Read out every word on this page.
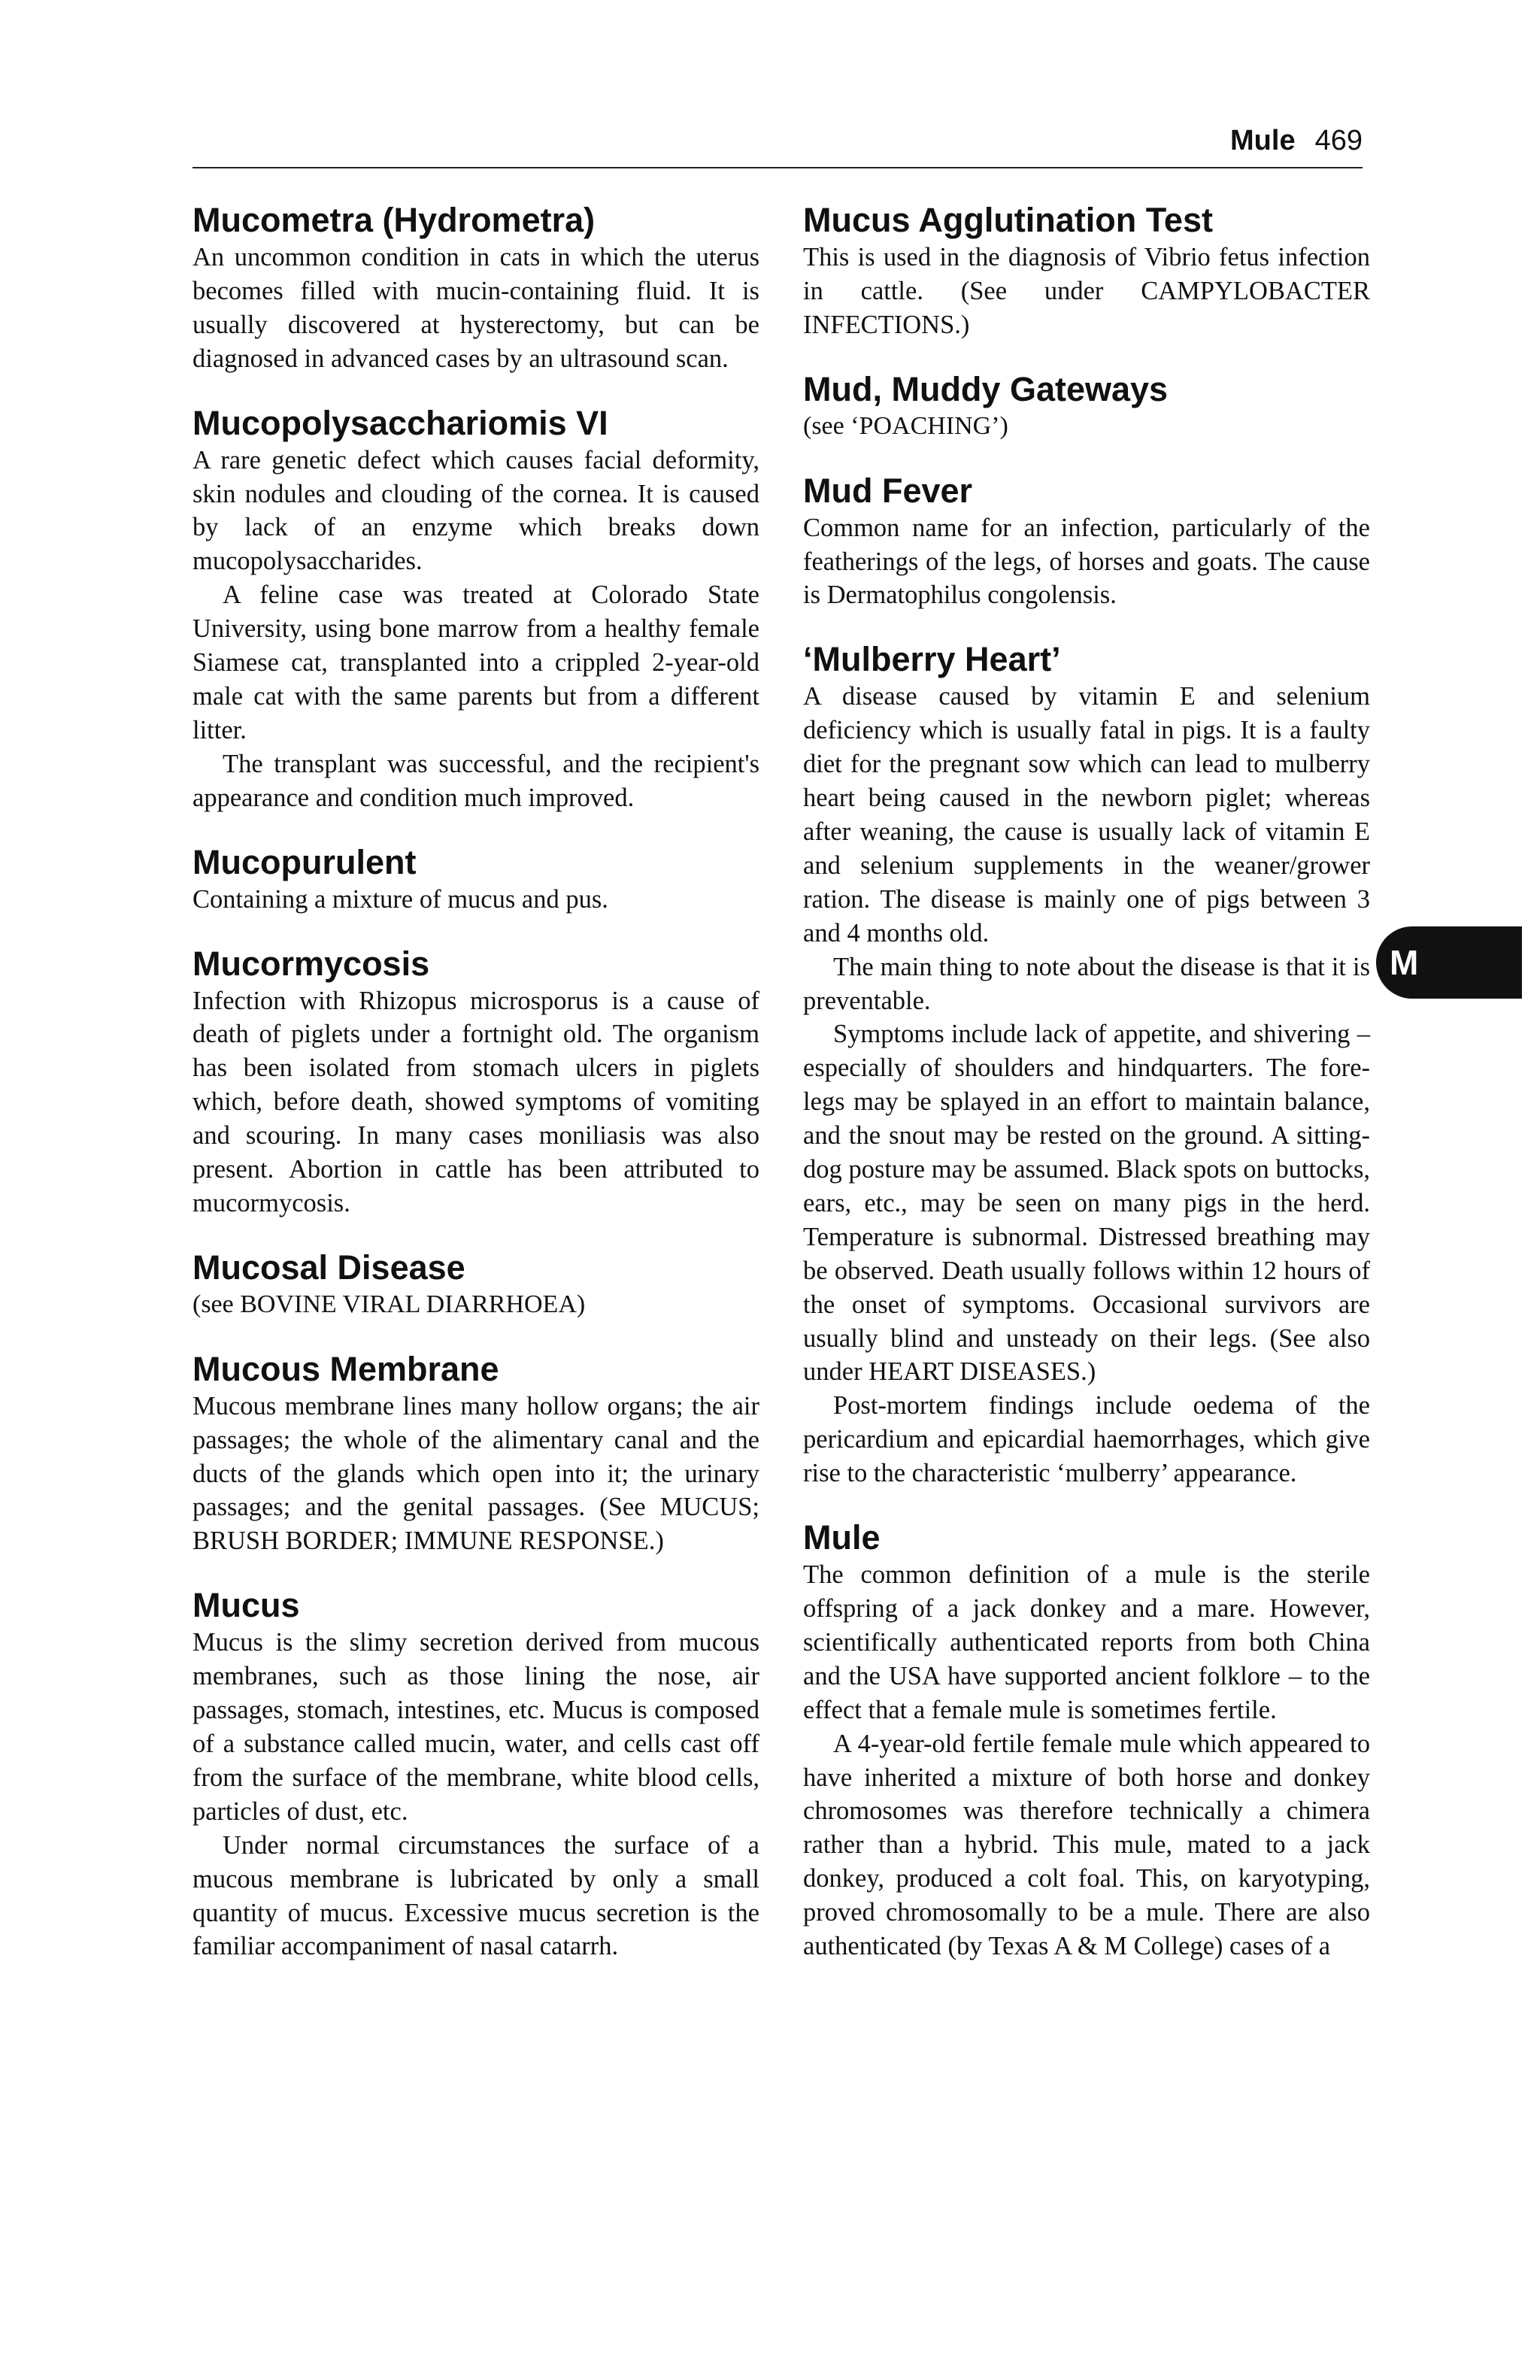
Mule 469
M
Mucometra (Hydrometra)

An uncommon condition in cats in which the uterus becomes filled with mucin-containing fluid. It is usually discovered at hysterectomy, but can be diagnosed in advanced cases by an ultrasound scan.

Mucopolysacchariomis VI

A rare genetic defect which causes facial deformity, skin nodules and clouding of the cornea. It is caused by lack of an enzyme which breaks down mucopolysaccharides.

A feline case was treated at Colorado State University, using bone marrow from a healthy female Siamese cat, transplanted into a crippled 2-year-old male cat with the same parents but from a different litter.

The transplant was successful, and the recipient's appearance and condition much improved.

Mucopurulent

Containing a mixture of mucus and pus.

Mucormycosis

Infection with Rhizopus microsporus is a cause of death of piglets under a fortnight old. The organism has been isolated from stomach ulcers in piglets which, before death, showed symptoms of vomiting and scouring. In many cases moniliasis was also present. Abortion in cattle has been attributed to mucormycosis.

Mucosal Disease

(see BOVINE VIRAL DIARRHOEA)

Mucous Membrane

Mucous membrane lines many hollow organs; the air passages; the whole of the alimentary canal and the ducts of the glands which open into it; the urinary passages; and the genital passages. (See MUCUS; BRUSH BORDER; IMMUNE RESPONSE.)

Mucus

Mucus is the slimy secretion derived from mucous membranes, such as those lining the nose, air passages, stomach, intestines, etc. Mucus is composed of a substance called mucin, water, and cells cast off from the surface of the membrane, white blood cells, particles of dust, etc.

Under normal circumstances the surface of a mucous membrane is lubricated by only a small quantity of mucus. Excessive mucus secretion is the familiar accompaniment of nasal catarrh.

Mucus Agglutination Test

This is used in the diagnosis of Vibrio fetus infection in cattle. (See under CAMPYLOBACTER INFECTIONS.)

Mud, Muddy Gateways

(see ‘POACHING’)

Mud Fever

Common name for an infection, particularly of the featherings of the legs, of horses and goats. The cause is Dermatophilus congolensis.

‘Mulberry Heart’

A disease caused by vitamin E and selenium deficiency which is usually fatal in pigs. It is a faulty diet for the pregnant sow which can lead to mulberry heart being caused in the newborn piglet; whereas after weaning, the cause is usually lack of vitamin E and selenium supplements in the weaner/grower ration. The disease is mainly one of pigs between 3 and 4 months old.

The main thing to note about the disease is that it is preventable.

Symptoms include lack of appetite, and shivering – especially of shoulders and hindquarters. The fore-legs may be splayed in an effort to maintain balance, and the snout may be rested on the ground. A sitting-dog posture may be assumed. Black spots on buttocks, ears, etc., may be seen on many pigs in the herd. Temperature is subnormal. Distressed breathing may be observed. Death usually follows within 12 hours of the onset of symptoms. Occasional survivors are usually blind and unsteady on their legs. (See also under HEART DISEASES.)

Post-mortem findings include oedema of the pericardium and epicardial haemorrhages, which give rise to the characteristic ‘mulberry’ appearance.

Mule

The common definition of a mule is the sterile offspring of a jack donkey and a mare. However, scientifically authenticated reports from both China and the USA have supported ancient folklore – to the effect that a female mule is sometimes fertile.

A 4-year-old fertile female mule which appeared to have inherited a mixture of both horse and donkey chromosomes was therefore technically a chimera rather than a hybrid. This mule, mated to a jack donkey, produced a colt foal. This, on karyotyping, proved chromosomally to be a mule. There are also authenticated (by Texas A & M College) cases of a
